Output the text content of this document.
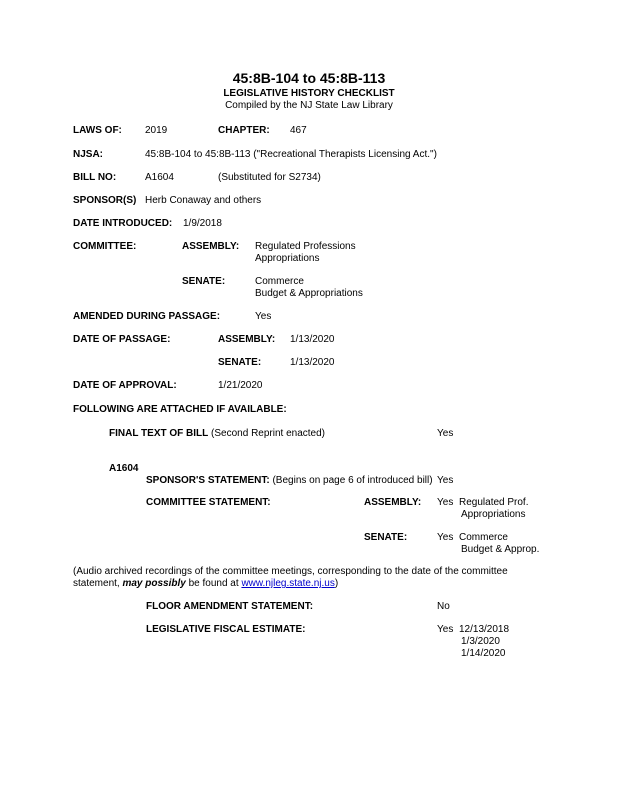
45:8B-104 to 45:8B-113
LEGISLATIVE HISTORY CHECKLIST
Compiled by the NJ State Law Library
LAWS OF: 2019	CHAPTER: 467
NJSA:	45:8B-104 to 45:8B-113 ("Recreational Therapists Licensing Act.")
BILL NO:	A1604	(Substituted for S2734)
SPONSOR(S) Herb Conaway and others
DATE INTRODUCED: 1/9/2018
COMMITTEE:	ASSEMBLY: Regulated Professions
Appropriations
SENATE:	Commerce
Budget & Appropriations
AMENDED DURING PASSAGE:	Yes
DATE OF PASSAGE:	ASSEMBLY: 1/13/2020
SENATE:	1/13/2020
DATE OF APPROVAL:	1/21/2020
FOLLOWING ARE ATTACHED IF AVAILABLE:
FINAL TEXT OF BILL (Second Reprint enacted)	Yes
A1604
SPONSOR'S STATEMENT: (Begins on page 6 of introduced bill) Yes
COMMITTEE STATEMENT:	ASSEMBLY: Yes Regulated Prof.
Appropriations
SENATE:	Yes Commerce
Budget & Approp.
(Audio archived recordings of the committee meetings, corresponding to the date of the committee
statement, may possibly be found at www.njleg.state.nj.us)
FLOOR AMENDMENT STATEMENT:	No
LEGISLATIVE FISCAL ESTIMATE:	Yes 12/13/2018
1/3/2020
1/14/2020
